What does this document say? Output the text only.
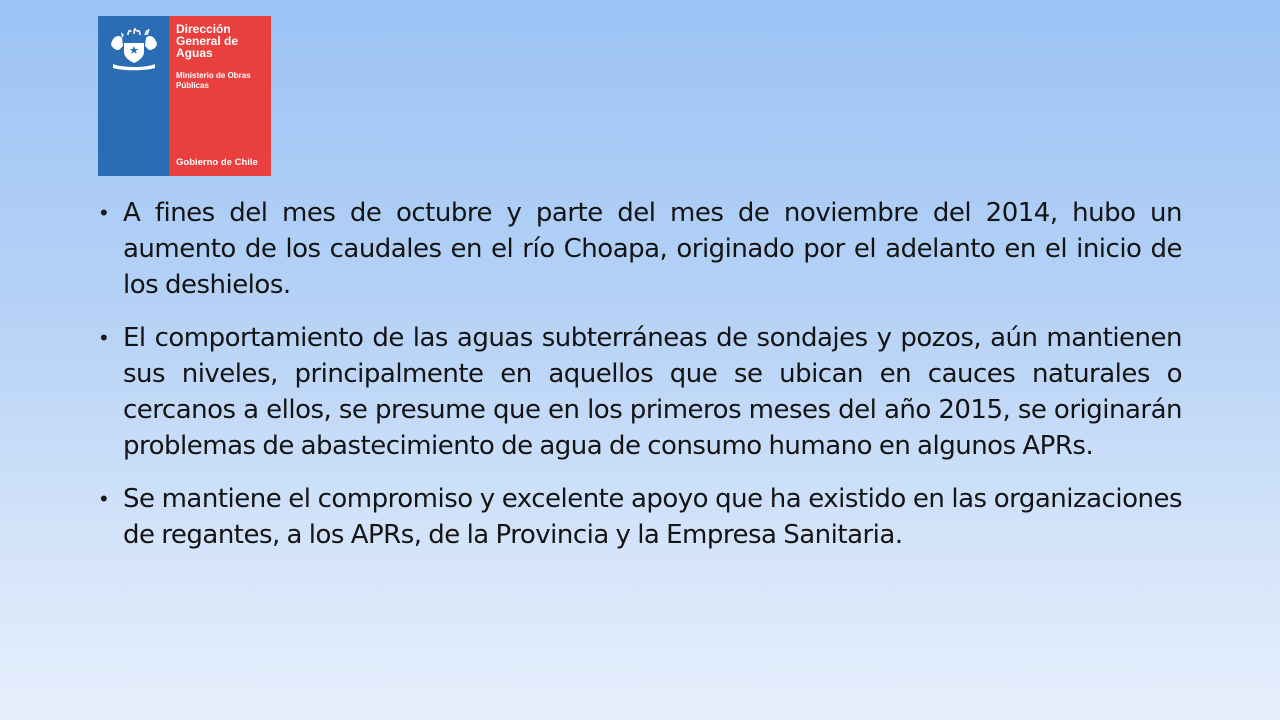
Dirección
General de
Aguas
Ministerio de Obras
Públicas
Gobierno de Chile
• A fines del mes de octubre y parte del mes de noviembre del 2014, hubo un aumento de los caudales en el río Choapa, originado por el adelanto en el inicio de los deshielos.
• El comportamiento de las aguas subterráneas de sondajes y pozos, aún mantienen sus niveles, principalmente en aquellos que se ubican en cauces naturales o cercanos a ellos, se presume que en los primeros meses del año 2015, se originarán problemas de abastecimiento de agua de consumo humano en algunos APRs.
• Se mantiene el compromiso y excelente apoyo que ha existido en las organizaciones de regantes, a los APRs, de la Provincia y la Empresa Sanitaria.
